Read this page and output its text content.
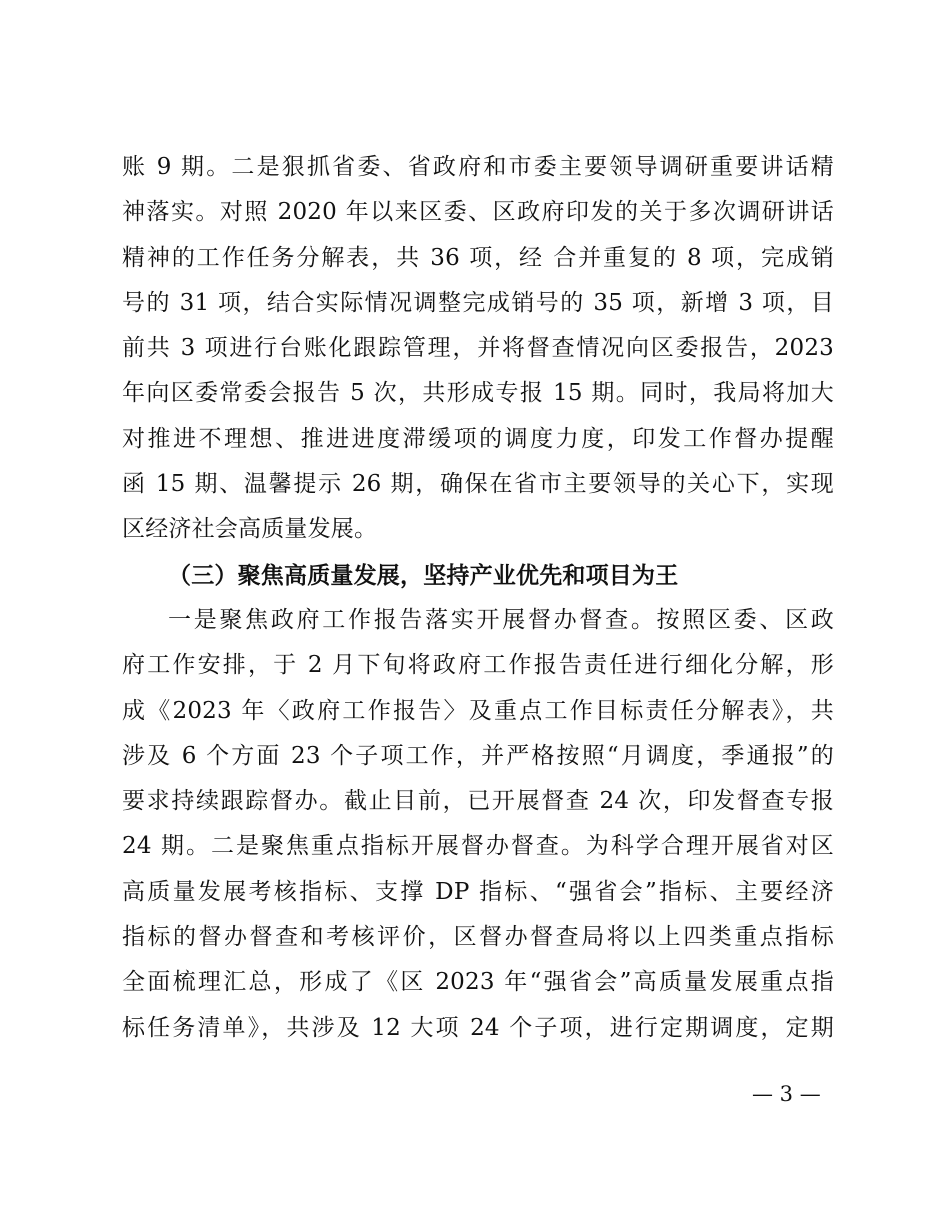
账 9 期。二是狠抓省委、省政府和市委主要领导调研重要讲话精
神落实。对照 2020 年以来区委、区政府印发的关于多次调研讲话
精神的工作任务分解表，共 36 项，经 合并重复的 8 项，完成销
号的 31 项，结合实际情况调整完成销号的 35 项，新增 3 项，目
前共 3 项进行台账化跟踪管理，并将督查情况向区委报告，2023
年向区委常委会报告 5 次，共形成专报 15 期。同时，我局将加大
对推进不理想、推进进度滞缓项的调度力度，印发工作督办提醒
函 15 期、温馨提示 26 期，确保在省市主要领导的关心下，实现
区经济社会高质量发展。
（三）聚焦高质量发展，坚持产业优先和项目为王
一是聚焦政府工作报告落实开展督办督查。按照区委、区政
府工作安排，于 2 月下旬将政府工作报告责任进行细化分解，形
成《2023 年〈政府工作报告〉及重点工作目标责任分解表》，共
涉及 6 个方面 23 个子项工作，并严格按照“月调度，季通报”的
要求持续跟踪督办。截止目前，已开展督查 24 次，印发督查专报
24 期。二是聚焦重点指标开展督办督查。为科学合理开展省对区
高质量发展考核指标、支撑 DP 指标、“强省会”指标、主要经济
指标的督办督查和考核评价，区督办督查局将以上四类重点指标
全面梳理汇总，形成了《区 2023 年“强省会”高质量发展重点指
标任务清单》，共涉及 12 大项 24 个子项，进行定期调度，定期
— 3 —
